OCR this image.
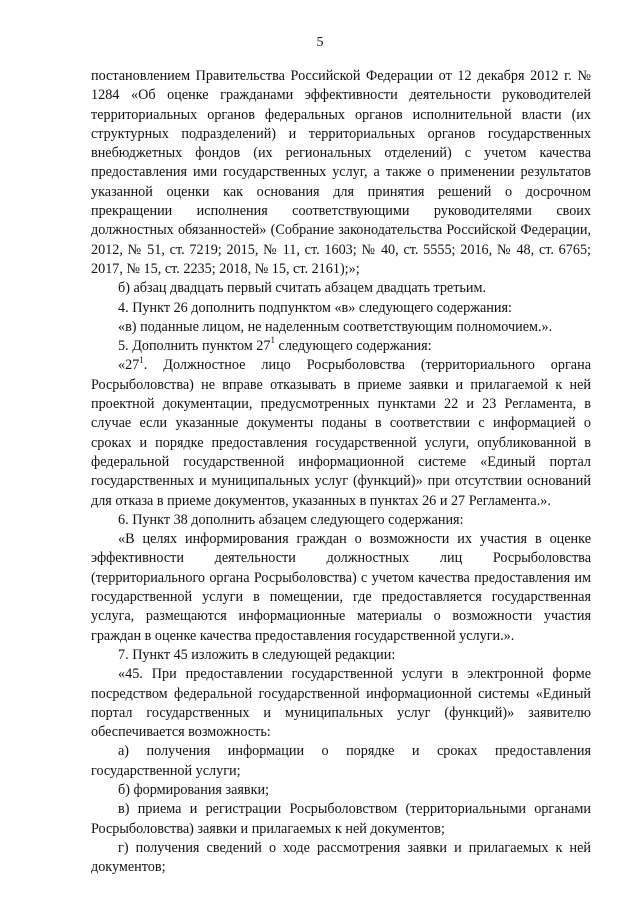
5

постановлением Правительства Российской Федерации от 12 декабря 2012 г. № 1284 «Об оценке гражданами эффективности деятельности руководителей территориальных органов федеральных органов исполнительной власти (их структурных подразделений) и территориальных органов государственных внебюджетных фондов (их региональных отделений) с учетом качества предоставления ими государственных услуг, а также о применении результатов указанной оценки как основания для принятия решений о досрочном прекращении исполнения соответствующими руководителями своих должностных обязанностей» (Собрание законодательства Российской Федерации, 2012, № 51, ст. 7219; 2015, № 11, ст. 1603; № 40, ст. 5555; 2016, № 48, ст. 6765; 2017, № 15, ст. 2235; 2018, № 15, ст. 2161);»;

б) абзац двадцать первый считать абзацем двадцать третьим.

4. Пункт 26 дополнить подпунктом «в» следующего содержания:

«в) поданные лицом, не наделенным соответствующим полномочием.».

5. Дополнить пунктом $27^1$ следующего содержания:

«$27^1$. Должностное лицо Росрыболовства (территориального органа Росрыболовства) не вправе отказывать в приеме заявки и прилагаемой к ней проектной документации, предусмотренных пунктами 22 и 23 Регламента, в случае если указанные документы поданы в соответствии с информацией о сроках и порядке предоставления государственной услуги, опубликованной в федеральной государственной информационной системе «Единый портал государственных и муниципальных услуг (функций)» при отсутствии оснований для отказа в приеме документов, указанных в пунктах 26 и 27 Регламента.».

6. Пункт 38 дополнить абзацем следующего содержания:

«В целях информирования граждан о возможности их участия в оценке эффективности деятельности должностных лиц Росрыболовства (территориального органа Росрыболовства) с учетом качества предоставления им государственной услуги в помещении, где предоставляется государственная услуга, размещаются информационные материалы о возможности участия граждан в оценке качества предоставления государственной услуги.».

7. Пункт 45 изложить в следующей редакции:

«45. При предоставлении государственной услуги в электронной форме посредством федеральной государственной информационной системы «Единый портал государственных и муниципальных услуг (функций)» заявителю обеспечивается возможность:

а) получения информации о порядке и сроках предоставления государственной услуги;

б) формирования заявки;

в) приема и регистрации Росрыболовством (территориальными органами Росрыболовства) заявки и прилагаемых к ней документов;

г) получения сведений о ходе рассмотрения заявки и прилагаемых к ней документов;
